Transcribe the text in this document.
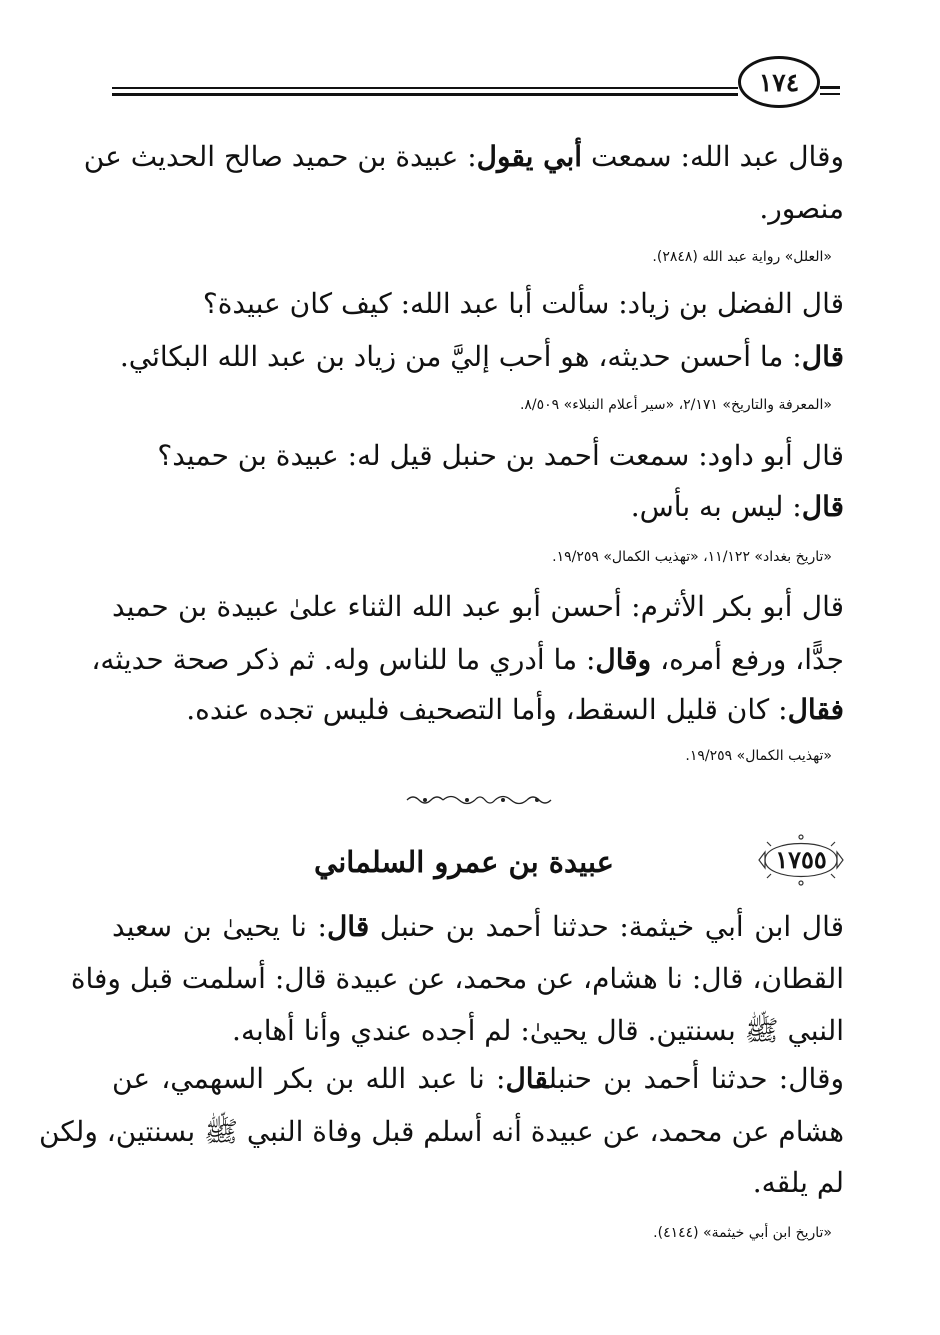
١٧٤
وقال عبد الله: سمعت أبي يقول: عبيدة بن حميد صالح الحديث عن
منصور.
«العلل» رواية عبد الله (٢٨٤٨).
قال الفضل بن زياد: سألت أبا عبد الله: كيف كان عبيدة؟
قال: ما أحسن حديثه، هو أحب إليَّ من زياد بن عبد الله البكائي.
«المعرفة والتاريخ» ٢/١٧١، «سير أعلام النبلاء» ٨/٥٠٩.
قال أبو داود: سمعت أحمد بن حنبل قيل له: عبيدة بن حميد؟
قال: ليس به بأس.
«تاريخ بغداد» ١١/١٢٢، «تهذيب الكمال» ١٩/٢٥٩.
قال أبو بكر الأثرم: أحسن أبو عبد الله الثناء علىٰ عبيدة بن حميد
جدًّا، ورفع أمره، وقال: ما أدري ما للناس وله. ثم ذكر صحة حديثه،
فقال: كان قليل السقط، وأما التصحيف فليس تجده عنده.
«تهذيب الكمال» ١٩/٢٥٩.
١٧٥٥
عبيدة بن عمرو السلماني
قال ابن أبي خيثمة: حدثنا أحمد بن حنبل قال: نا يحيىٰ بن سعيد
القطان، قال: نا هشام، عن محمد، عن عبيدة قال: أسلمت قبل وفاة
النبي ﷺ بسنتين. قال يحيىٰ: لم أجده عندي وأنا أهابه.
وقال: حدثنا أحمد بن حنبلقال: نا عبد الله بن بكر السهمي، عن
هشام عن محمد، عن عبيدة أنه أسلم قبل وفاة النبي ﷺ بسنتين، ولكن
لم يلقه.
«تاريخ ابن أبي خيثمة» (٤١٤٤).
